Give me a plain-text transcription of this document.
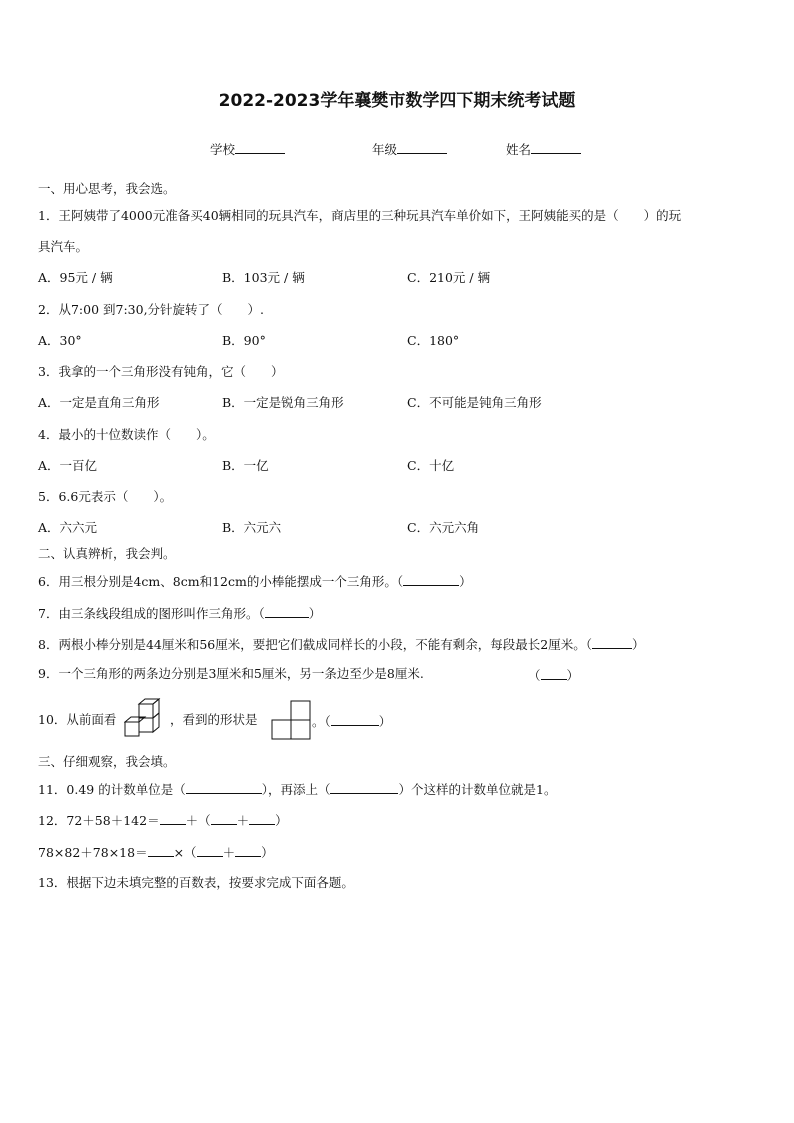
2022-2023学年襄樊市数学四下期末统考试题
学校	年级	姓名
一、用心思考，我会选。
1．王阿姨带了4000元准备买40辆相同的玩具汽车，商店里的三种玩具汽车单价如下，王阿姨能买的是（　　）的玩
具汽车。
A．95元 / 辆	B．103元 / 辆	C．210元 / 辆
2．从7:00 到7:30,分针旋转了（　　）.
A．30°	B．90°	C．180°
3．我拿的一个三角形没有钝角，它（　　）
A．一定是直角三角形	B．一定是锐角三角形	C．不可能是钝角三角形
4．最小的十位数读作（　　）。
A．一百亿	B．一亿	C．十亿
5．6.6元表示（　　）。
A．六六元	B．六元六	C．六元六角
二、认真辨析，我会判。
6．用三根分别是4cm、8cm和12cm的小棒能摆成一个三角形。（	）
7．由三条线段组成的图形叫作三角形。（	）
8．两根小棒分别是44厘米和56厘米，要把它们截成同样长的小段，不能有剩余，每段最长2厘米。（	）
9．一个三角形的两条边分别是3厘米和5厘米，另一条边至少是8厘米.	（ ）
10．从前面看	，看到的形状是	。（	）
三、仔细观察，我会填。
11．0.49 的计数单位是（	），再添上（	）个这样的计数单位就是1。
12．72＋58＋142＝ ＋（ ＋ ）
78×82＋78×18＝ ×（ ＋ ）
13．根据下边未填完整的百数表，按要求完成下面各题。
